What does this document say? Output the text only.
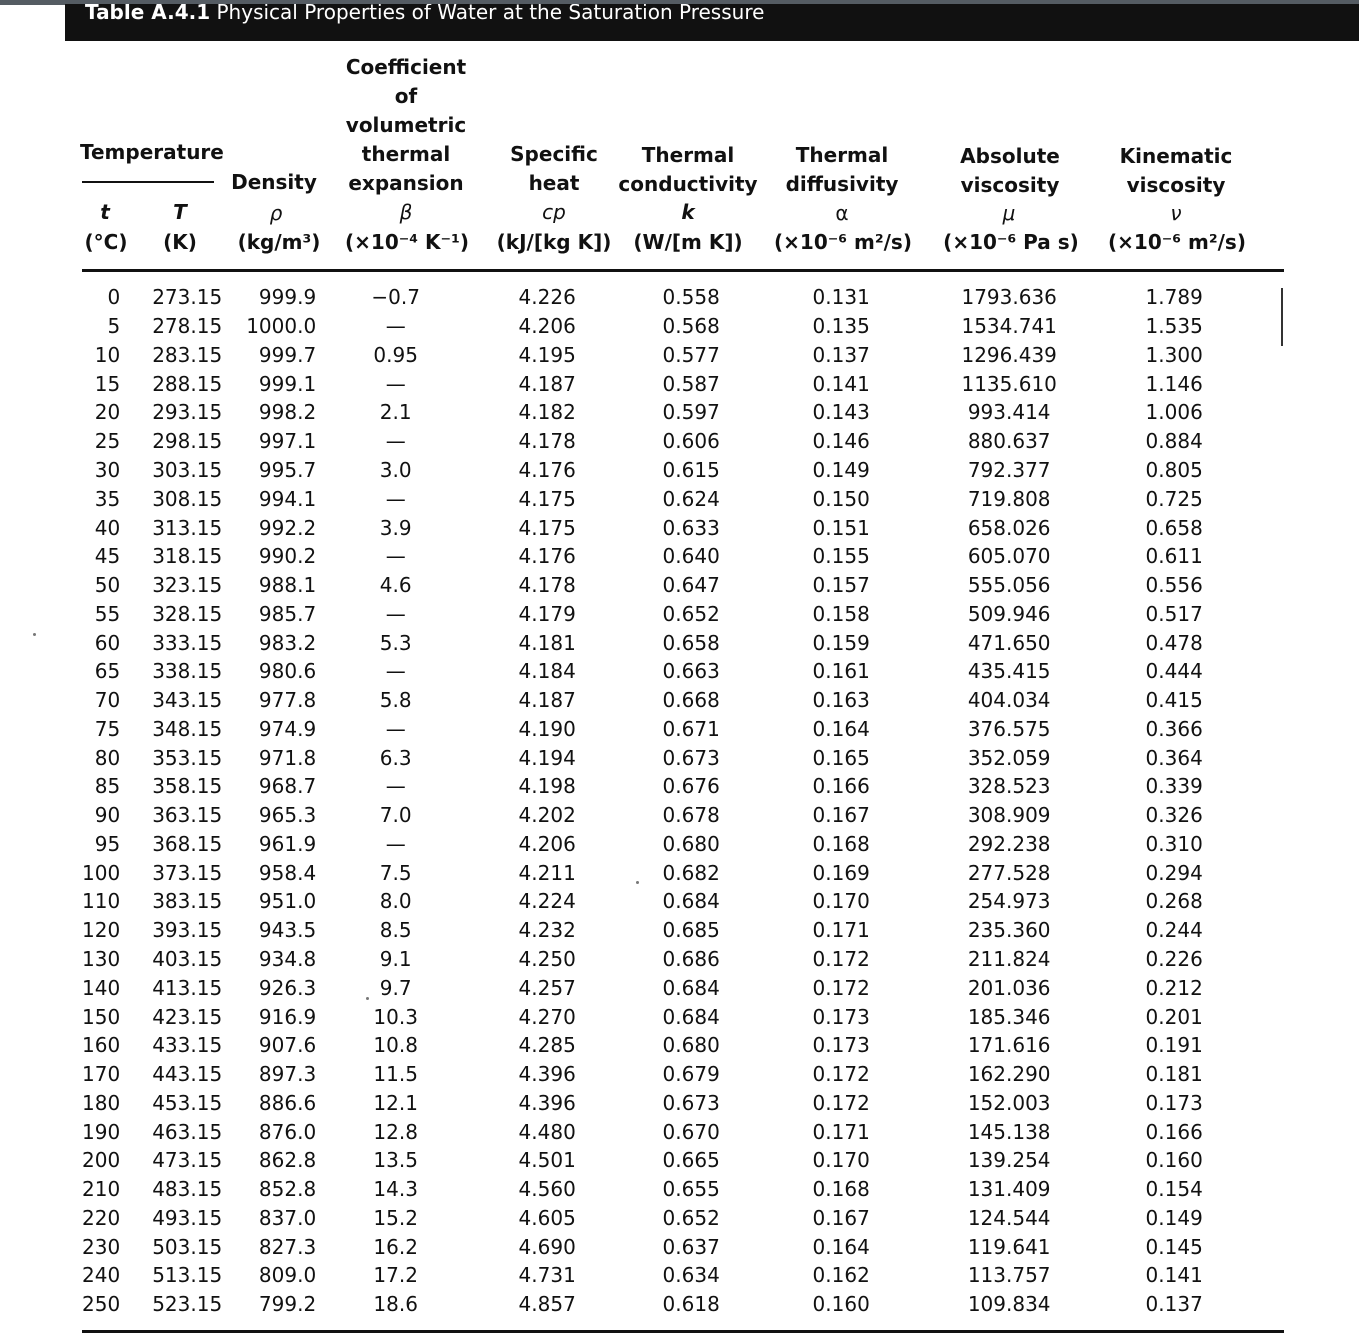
Table A.4.1 Physical Properties of Water at the Saturation Pressure
Temperature
Density
Coefficient
of
volumetric
thermal
expansion
Specific
heat
Thermal
conductivity
Thermal
diffusivity
Absolute
viscosity
Kinematic
viscosity
t	T	ρ	β	cp	k	α	μ	ν
(°C)	(K)	(kg/m³)	(×10⁻⁴ K⁻¹)	(kJ/[kg K]) (W/[m K])	(×10⁻⁶ m²/s)	(×10⁻⁶ Pa s)	(×10⁻⁶ m²/s)
0	273.15	999.9	−0.7	4.226	0.558	0.131	1793.636	1.789
5	278.15	1000.0	—	4.206	0.568	0.135	1534.741	1.535
10	283.15	999.7	0.95	4.195	0.577	0.137	1296.439	1.300
15	288.15	999.1	—	4.187	0.587	0.141	1135.610	1.146
20	293.15	998.2	2.1	4.182	0.597	0.143	993.414	1.006
25	298.15	997.1	—	4.178	0.606	0.146	880.637	0.884
30	303.15	995.7	3.0	4.176	0.615	0.149	792.377	0.805
35	308.15	994.1	—	4.175	0.624	0.150	719.808	0.725
40	313.15	992.2	3.9	4.175	0.633	0.151	658.026	0.658
45	318.15	990.2	—	4.176	0.640	0.155	605.070	0.611
50	323.15	988.1	4.6	4.178	0.647	0.157	555.056	0.556
55	328.15	985.7	—	4.179	0.652	0.158	509.946	0.517
60	333.15	983.2	5.3	4.181	0.658	0.159	471.650	0.478
65	338.15	980.6	—	4.184	0.663	0.161	435.415	0.444
70	343.15	977.8	5.8	4.187	0.668	0.163	404.034	0.415
75	348.15	974.9	—	4.190	0.671	0.164	376.575	0.366
80	353.15	971.8	6.3	4.194	0.673	0.165	352.059	0.364
85	358.15	968.7	—	4.198	0.676	0.166	328.523	0.339
90	363.15	965.3	7.0	4.202	0.678	0.167	308.909	0.326
95	368.15	961.9	—	4.206	0.680	0.168	292.238	0.310
100	373.15	958.4	7.5	4.211	0.682	0.169	277.528	0.294
110	383.15	951.0	8.0	4.224	0.684	0.170	254.973	0.268
120	393.15	943.5	8.5	4.232	0.685	0.171	235.360	0.244
130	403.15	934.8	9.1	4.250	0.686	0.172	211.824	0.226
140	413.15	926.3	9.7	4.257	0.684	0.172	201.036	0.212
150	423.15	916.9	10.3	4.270	0.684	0.173	185.346	0.201
160	433.15	907.6	10.8	4.285	0.680	0.173	171.616	0.191
170	443.15	897.3	11.5	4.396	0.679	0.172	162.290	0.181
180	453.15	886.6	12.1	4.396	0.673	0.172	152.003	0.173
190	463.15	876.0	12.8	4.480	0.670	0.171	145.138	0.166
200	473.15	862.8	13.5	4.501	0.665	0.170	139.254	0.160
210	483.15	852.8	14.3	4.560	0.655	0.168	131.409	0.154
220	493.15	837.0	15.2	4.605	0.652	0.167	124.544	0.149
230	503.15	827.3	16.2	4.690	0.637	0.164	119.641	0.145
240	513.15	809.0	17.2	4.731	0.634	0.162	113.757	0.141
250	523.15	799.2	18.6	4.857	0.618	0.160	109.834	0.137
